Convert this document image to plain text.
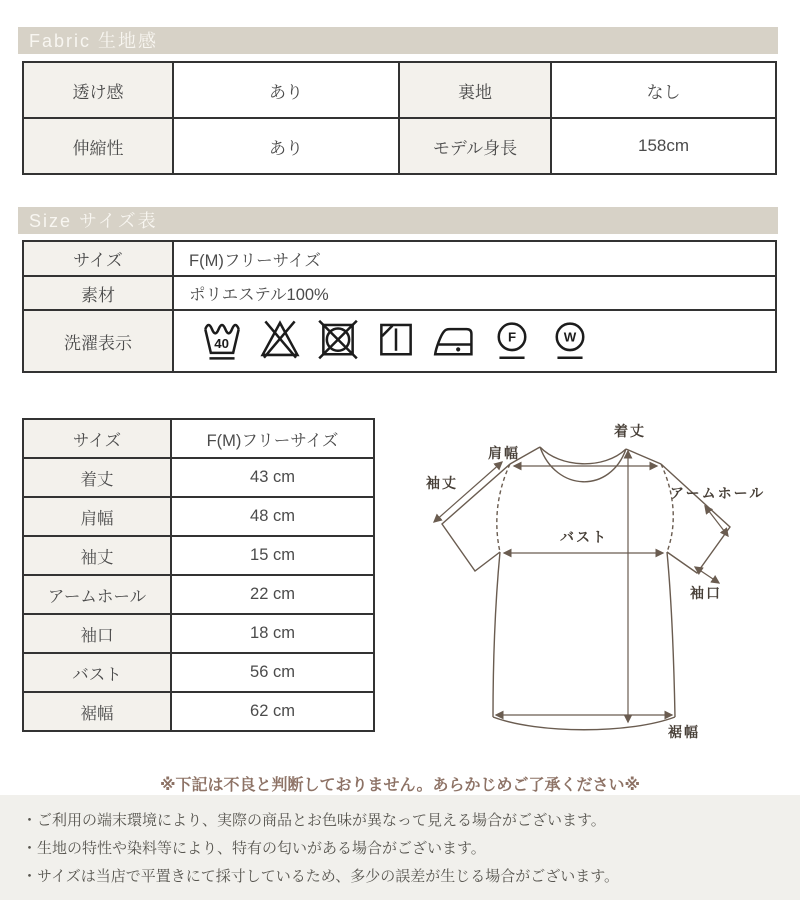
Fabric 生地感
透け感	あり	裏地	なし
伸縮性	あり	モデル身長	158cm
Size サイズ表
サイズ	F(M)フリーサイズ
素材	ポリエステル100%
洗濯表示	40 F W
サイズ	F(M)フリーサイズ
着丈	43 cm
肩幅	48 cm
袖丈	15 cm
アームホール	22 cm
袖口	18 cm
バスト	56 cm
裾幅	62 cm
肩幅
着丈
袖丈
アームホール
バスト
袖口
裾幅
※下記は不良と判断しておりません。あらかじめご了承ください※

・ご利用の端末環境により、実際の商品とお色味が異なって見える場合がございます。

・生地の特性や染料等により、特有の匂いがある場合がございます。

・サイズは当店で平置きにて採寸しているため、多少の誤差が生じる場合がございます。
